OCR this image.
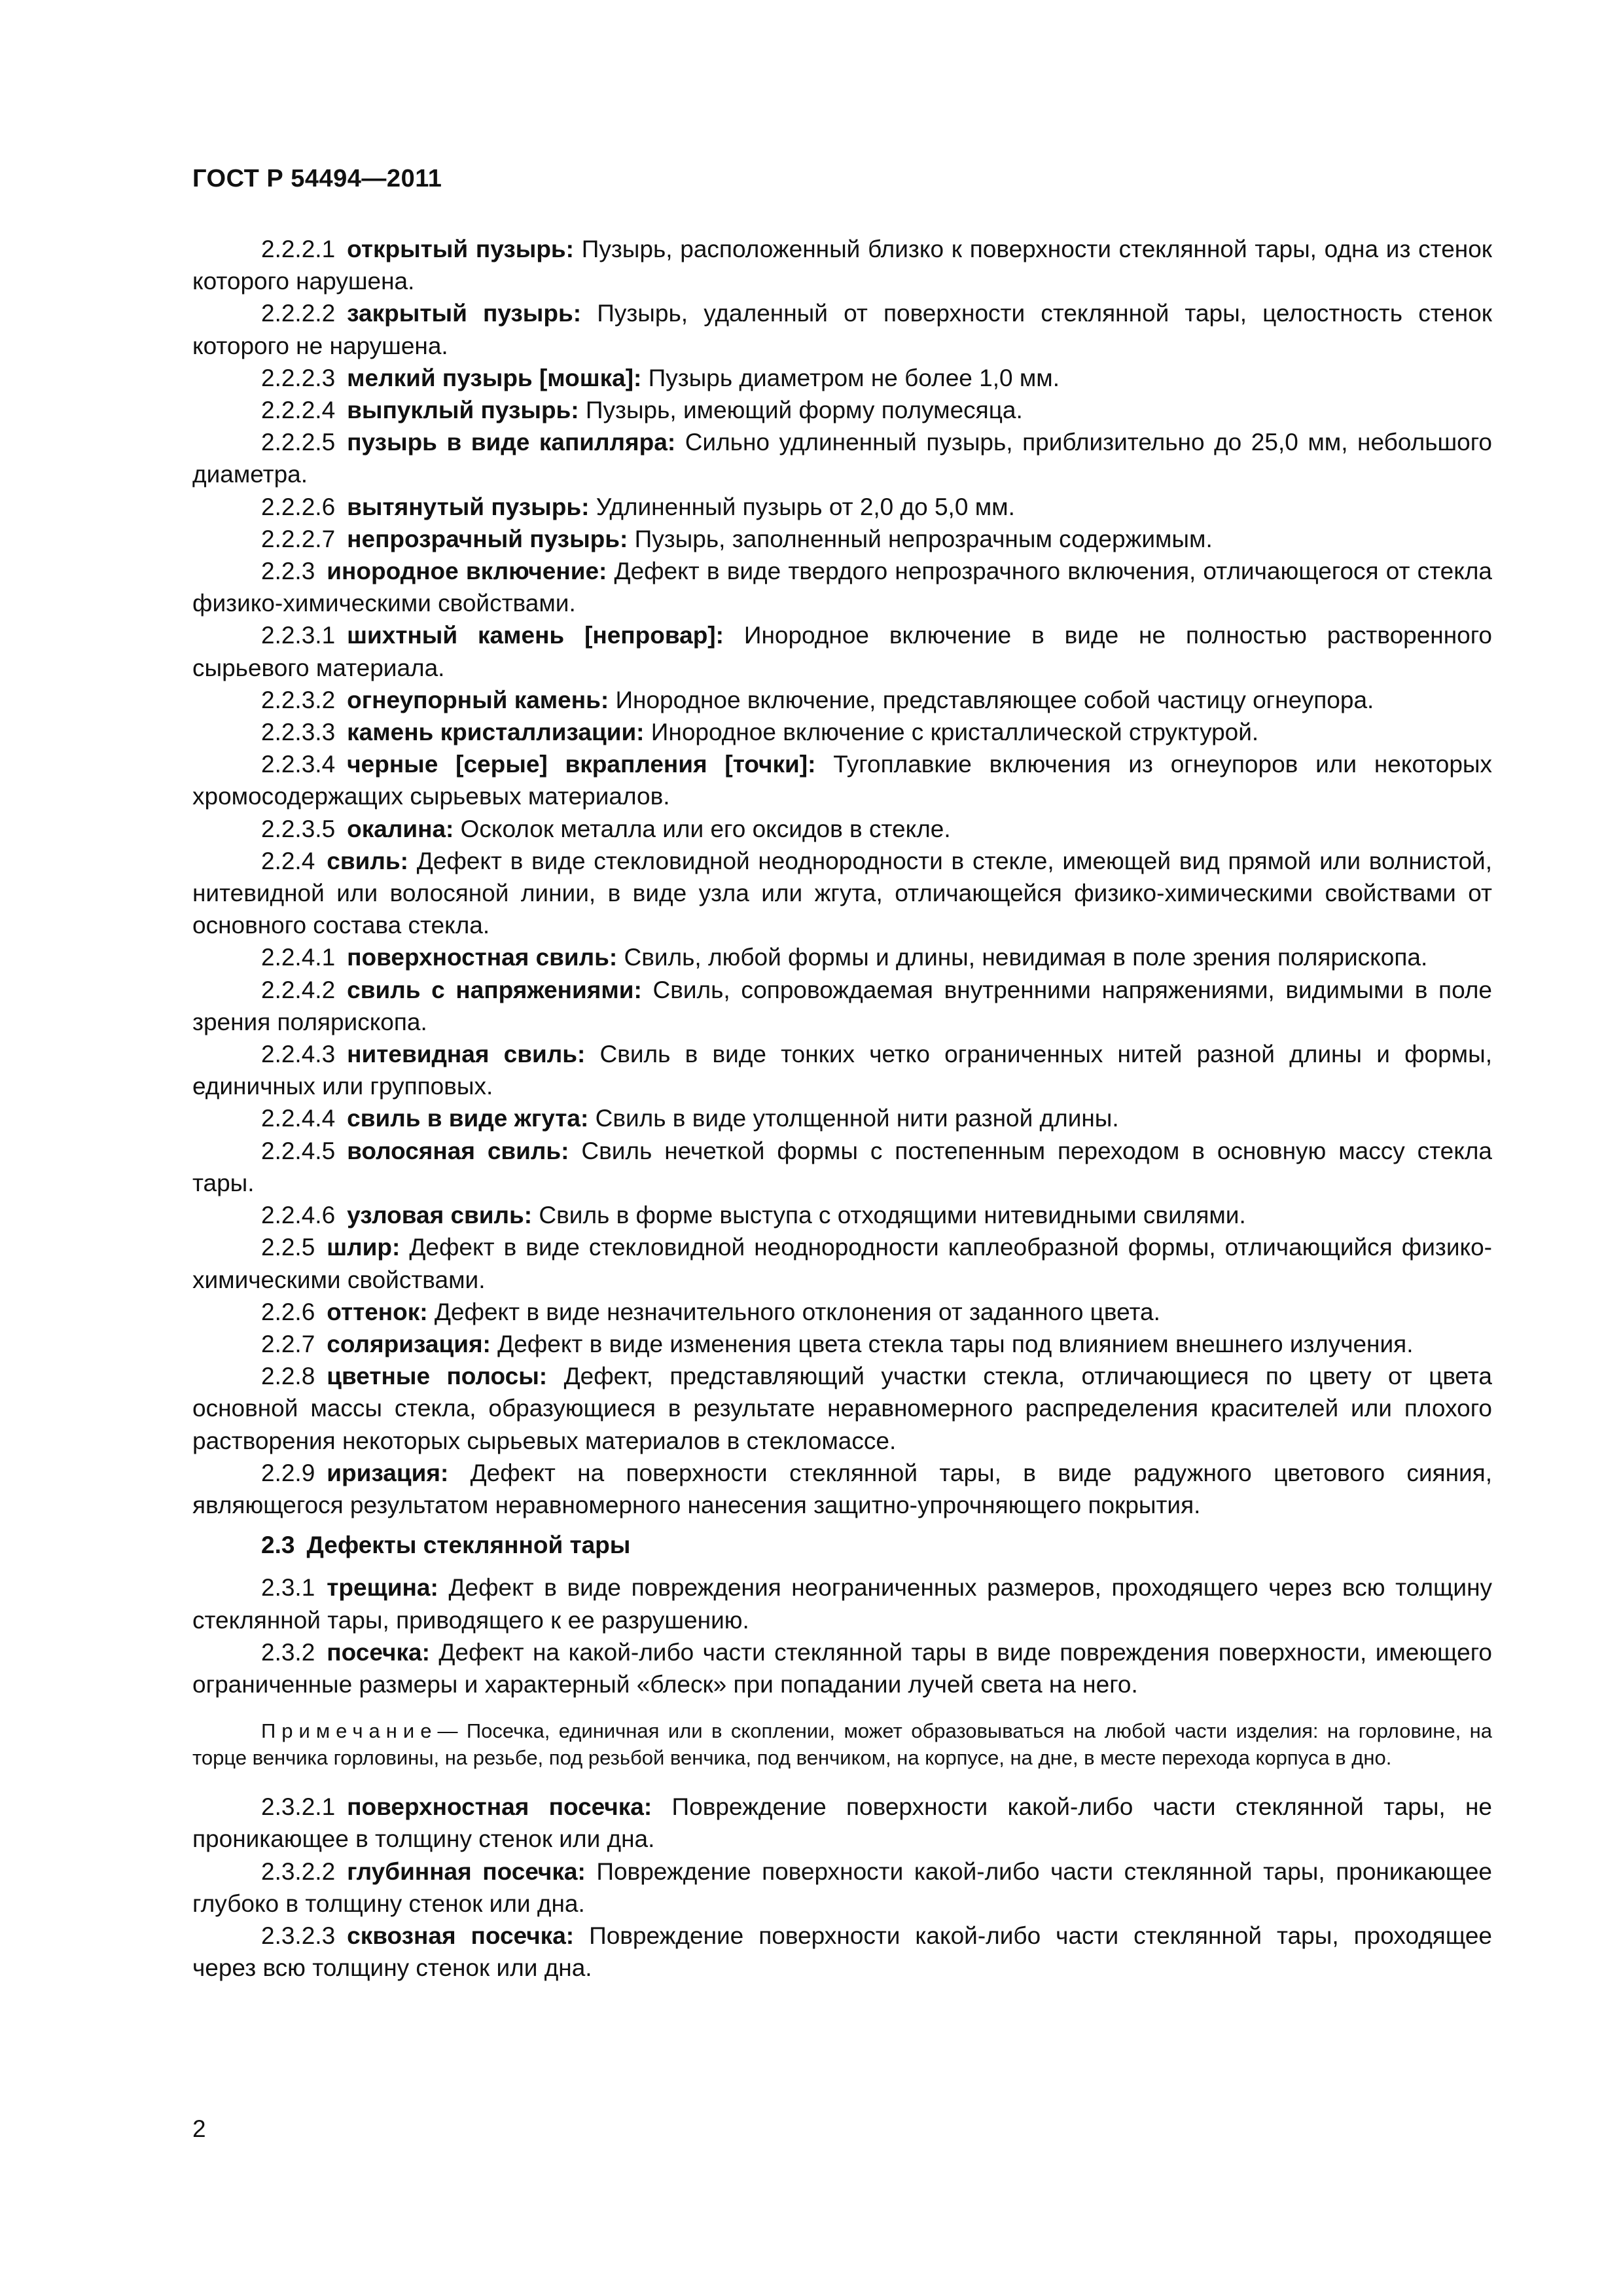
ГОСТ Р 54494—2011

2.2.2.1 открытый пузырь: Пузырь, расположенный близко к поверхности стеклянной тары, одна из стенок которого нарушена.

2.2.2.2 закрытый пузырь: Пузырь, удаленный от поверхности стеклянной тары, целостность стенок которого не нарушена.

2.2.2.3 мелкий пузырь [мошка]: Пузырь диаметром не более 1,0 мм.

2.2.2.4 выпуклый пузырь: Пузырь, имеющий форму полумесяца.

2.2.2.5 пузырь в виде капилляра: Сильно удлиненный пузырь, приблизительно до 25,0 мм, небольшого диаметра.

2.2.2.6 вытянутый пузырь: Удлиненный пузырь от 2,0 до 5,0 мм.

2.2.2.7 непрозрачный пузырь: Пузырь, заполненный непрозрачным содержимым.

2.2.3 инородное включение: Дефект в виде твердого непрозрачного включения, отличающегося от стекла физико-химическими свойствами.

2.2.3.1 шихтный камень [непровар]: Инородное включение в виде не полностью растворенного сырьевого материала.

2.2.3.2 огнеупорный камень: Инородное включение, представляющее собой частицу огнеупора.

2.2.3.3 камень кристаллизации: Инородное включение с кристаллической структурой.

2.2.3.4 черные [серые] вкрапления [точки]: Тугоплавкие включения из огнеупоров или некоторых хромосодержащих сырьевых материалов.

2.2.3.5 окалина: Осколок металла или его оксидов в стекле.

2.2.4 свиль: Дефект в виде стекловидной неоднородности в стекле, имеющей вид прямой или волнистой, нитевидной или волосяной линии, в виде узла или жгута, отличающейся физико-химическими свойствами от основного состава стекла.

2.2.4.1 поверхностная свиль: Свиль, любой формы и длины, невидимая в поле зрения полярископа.

2.2.4.2 свиль с напряжениями: Свиль, сопровождаемая внутренними напряжениями, видимыми в поле зрения полярископа.

2.2.4.3 нитевидная свиль: Свиль в виде тонких четко ограниченных нитей разной длины и формы, единичных или групповых.

2.2.4.4 свиль в виде жгута: Свиль в виде утолщенной нити разной длины.

2.2.4.5 волосяная свиль: Свиль нечеткой формы с постепенным переходом в основную массу стекла тары.

2.2.4.6 узловая свиль: Свиль в форме выступа с отходящими нитевидными свилями.

2.2.5 шлир: Дефект в виде стекловидной неоднородности каплеобразной формы, отличающийся физико-химическими свойствами.

2.2.6 оттенок: Дефект в виде незначительного отклонения от заданного цвета.

2.2.7 соляризация: Дефект в виде изменения цвета стекла тары под влиянием внешнего излучения.

2.2.8 цветные полосы: Дефект, представляющий участки стекла, отличающиеся по цвету от цвета основной массы стекла, образующиеся в результате неравномерного распределения красителей или плохого растворения некоторых сырьевых материалов в стекломассе.

2.2.9 иризация: Дефект на поверхности стеклянной тары, в виде радужного цветового сияния, являющегося результатом неравномерного нанесения защитно-упрочняющего покрытия.

2.3 Дефекты стеклянной тары

2.3.1 трещина: Дефект в виде повреждения неограниченных размеров, проходящего через всю толщину стеклянной тары, приводящего к ее разрушению.

2.3.2 посечка: Дефект на какой-либо части стеклянной тары в виде повреждения поверхности, имеющего ограниченные размеры и характерный «блеск» при попадании лучей света на него.

Примечание— Посечка, единичная или в скоплении, может образовываться на любой части изделия: на горловине, на торце венчика горловины, на резьбе, под резьбой венчика, под венчиком, на корпусе, на дне, в месте перехода корпуса в дно.

2.3.2.1 поверхностная посечка: Повреждение поверхности какой-либо части стеклянной тары, не проникающее в толщину стенок или дна.

2.3.2.2 глубинная посечка: Повреждение поверхности какой-либо части стеклянной тары, проникающее глубоко в толщину стенок или дна.

2.3.2.3 сквозная посечка: Повреждение поверхности какой-либо части стеклянной тары, проходящее через всю толщину стенок или дна.

2
